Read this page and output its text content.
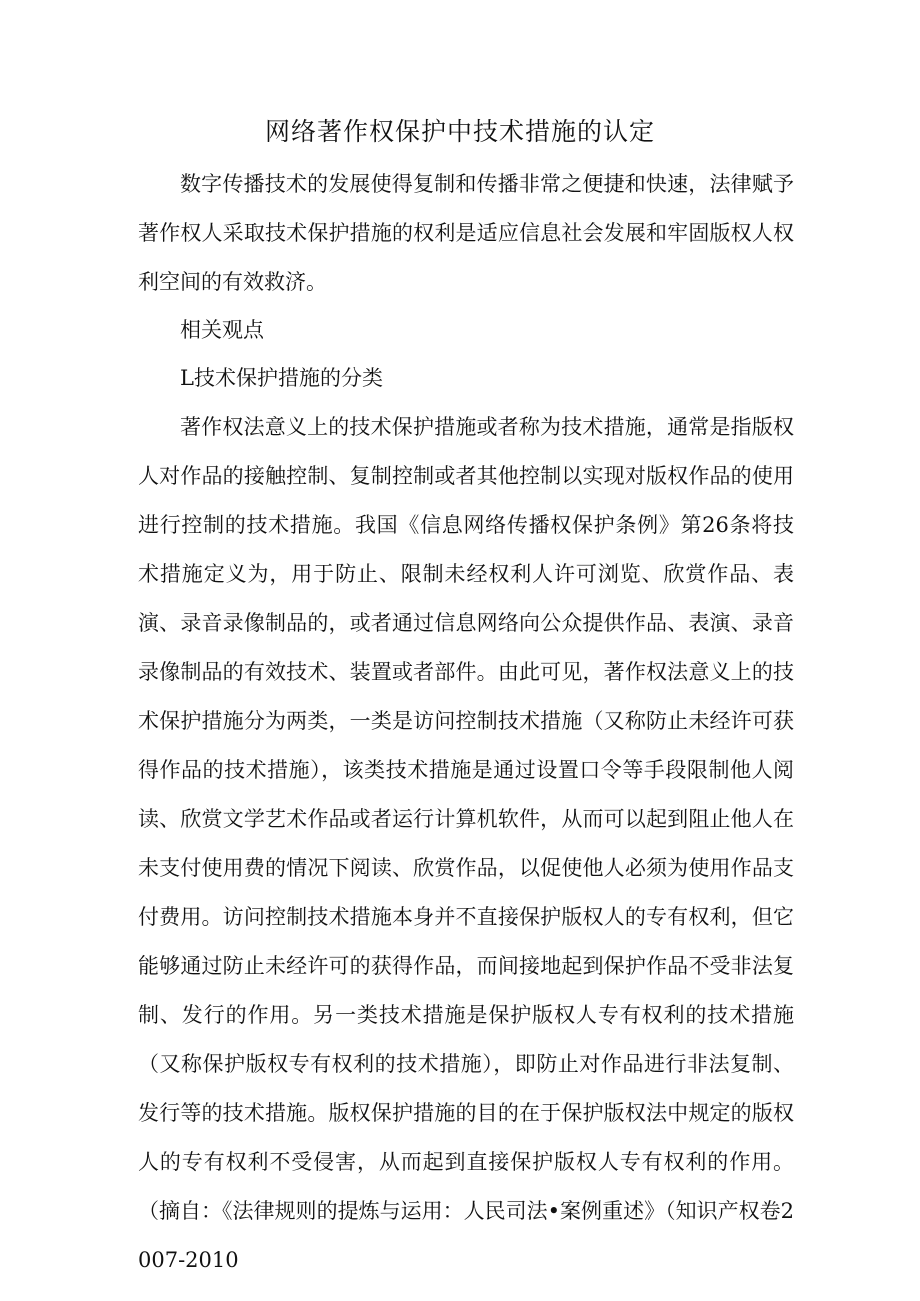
网络著作权保护中技术措施的认定

数字传播技术的发展使得复制和传播非常之便捷和快速，法律赋予著作权人采取技术保护措施的权利是适应信息社会发展和牢固版权人权利空间的有效救济。

相关观点

L技术保护措施的分类

著作权法意义上的技术保护措施或者称为技术措施，通常是指版权人对作品的接触控制、复制控制或者其他控制以实现对版权作品的使用进行控制的技术措施。我国《信息网络传播权保护条例》第26条将技术措施定义为，用于防止、限制未经权利人许可浏览、欣赏作品、表演、录音录像制品的，或者通过信息网络向公众提供作品、表演、录音录像制品的有效技术、装置或者部件。由此可见，著作权法意义上的技术保护措施分为两类，一类是访问控制技术措施（又称防止未经许可获得作品的技术措施），该类技术措施是通过设置口令等手段限制他人阅读、欣赏文学艺术作品或者运行计算机软件，从而可以起到阻止他人在未支付使用费的情况下阅读、欣赏作品，以促使他人必须为使用作品支付费用。访问控制技术措施本身并不直接保护版权人的专有权利，但它能够通过防止未经许可的获得作品，而间接地起到保护作品不受非法复制、发行的作用。另一类技术措施是保护版权人专有权利的技术措施（又称保护版权专有权利的技术措施），即防止对作品进行非法复制、发行等的技术措施。版权保护措施的目的在于保护版权法中规定的版权人的专有权利不受侵害，从而起到直接保护版权人专有权利的作用。（摘自：《法律规则的提炼与运用：人民司法•案例重述》（知识产权卷2007-2010
